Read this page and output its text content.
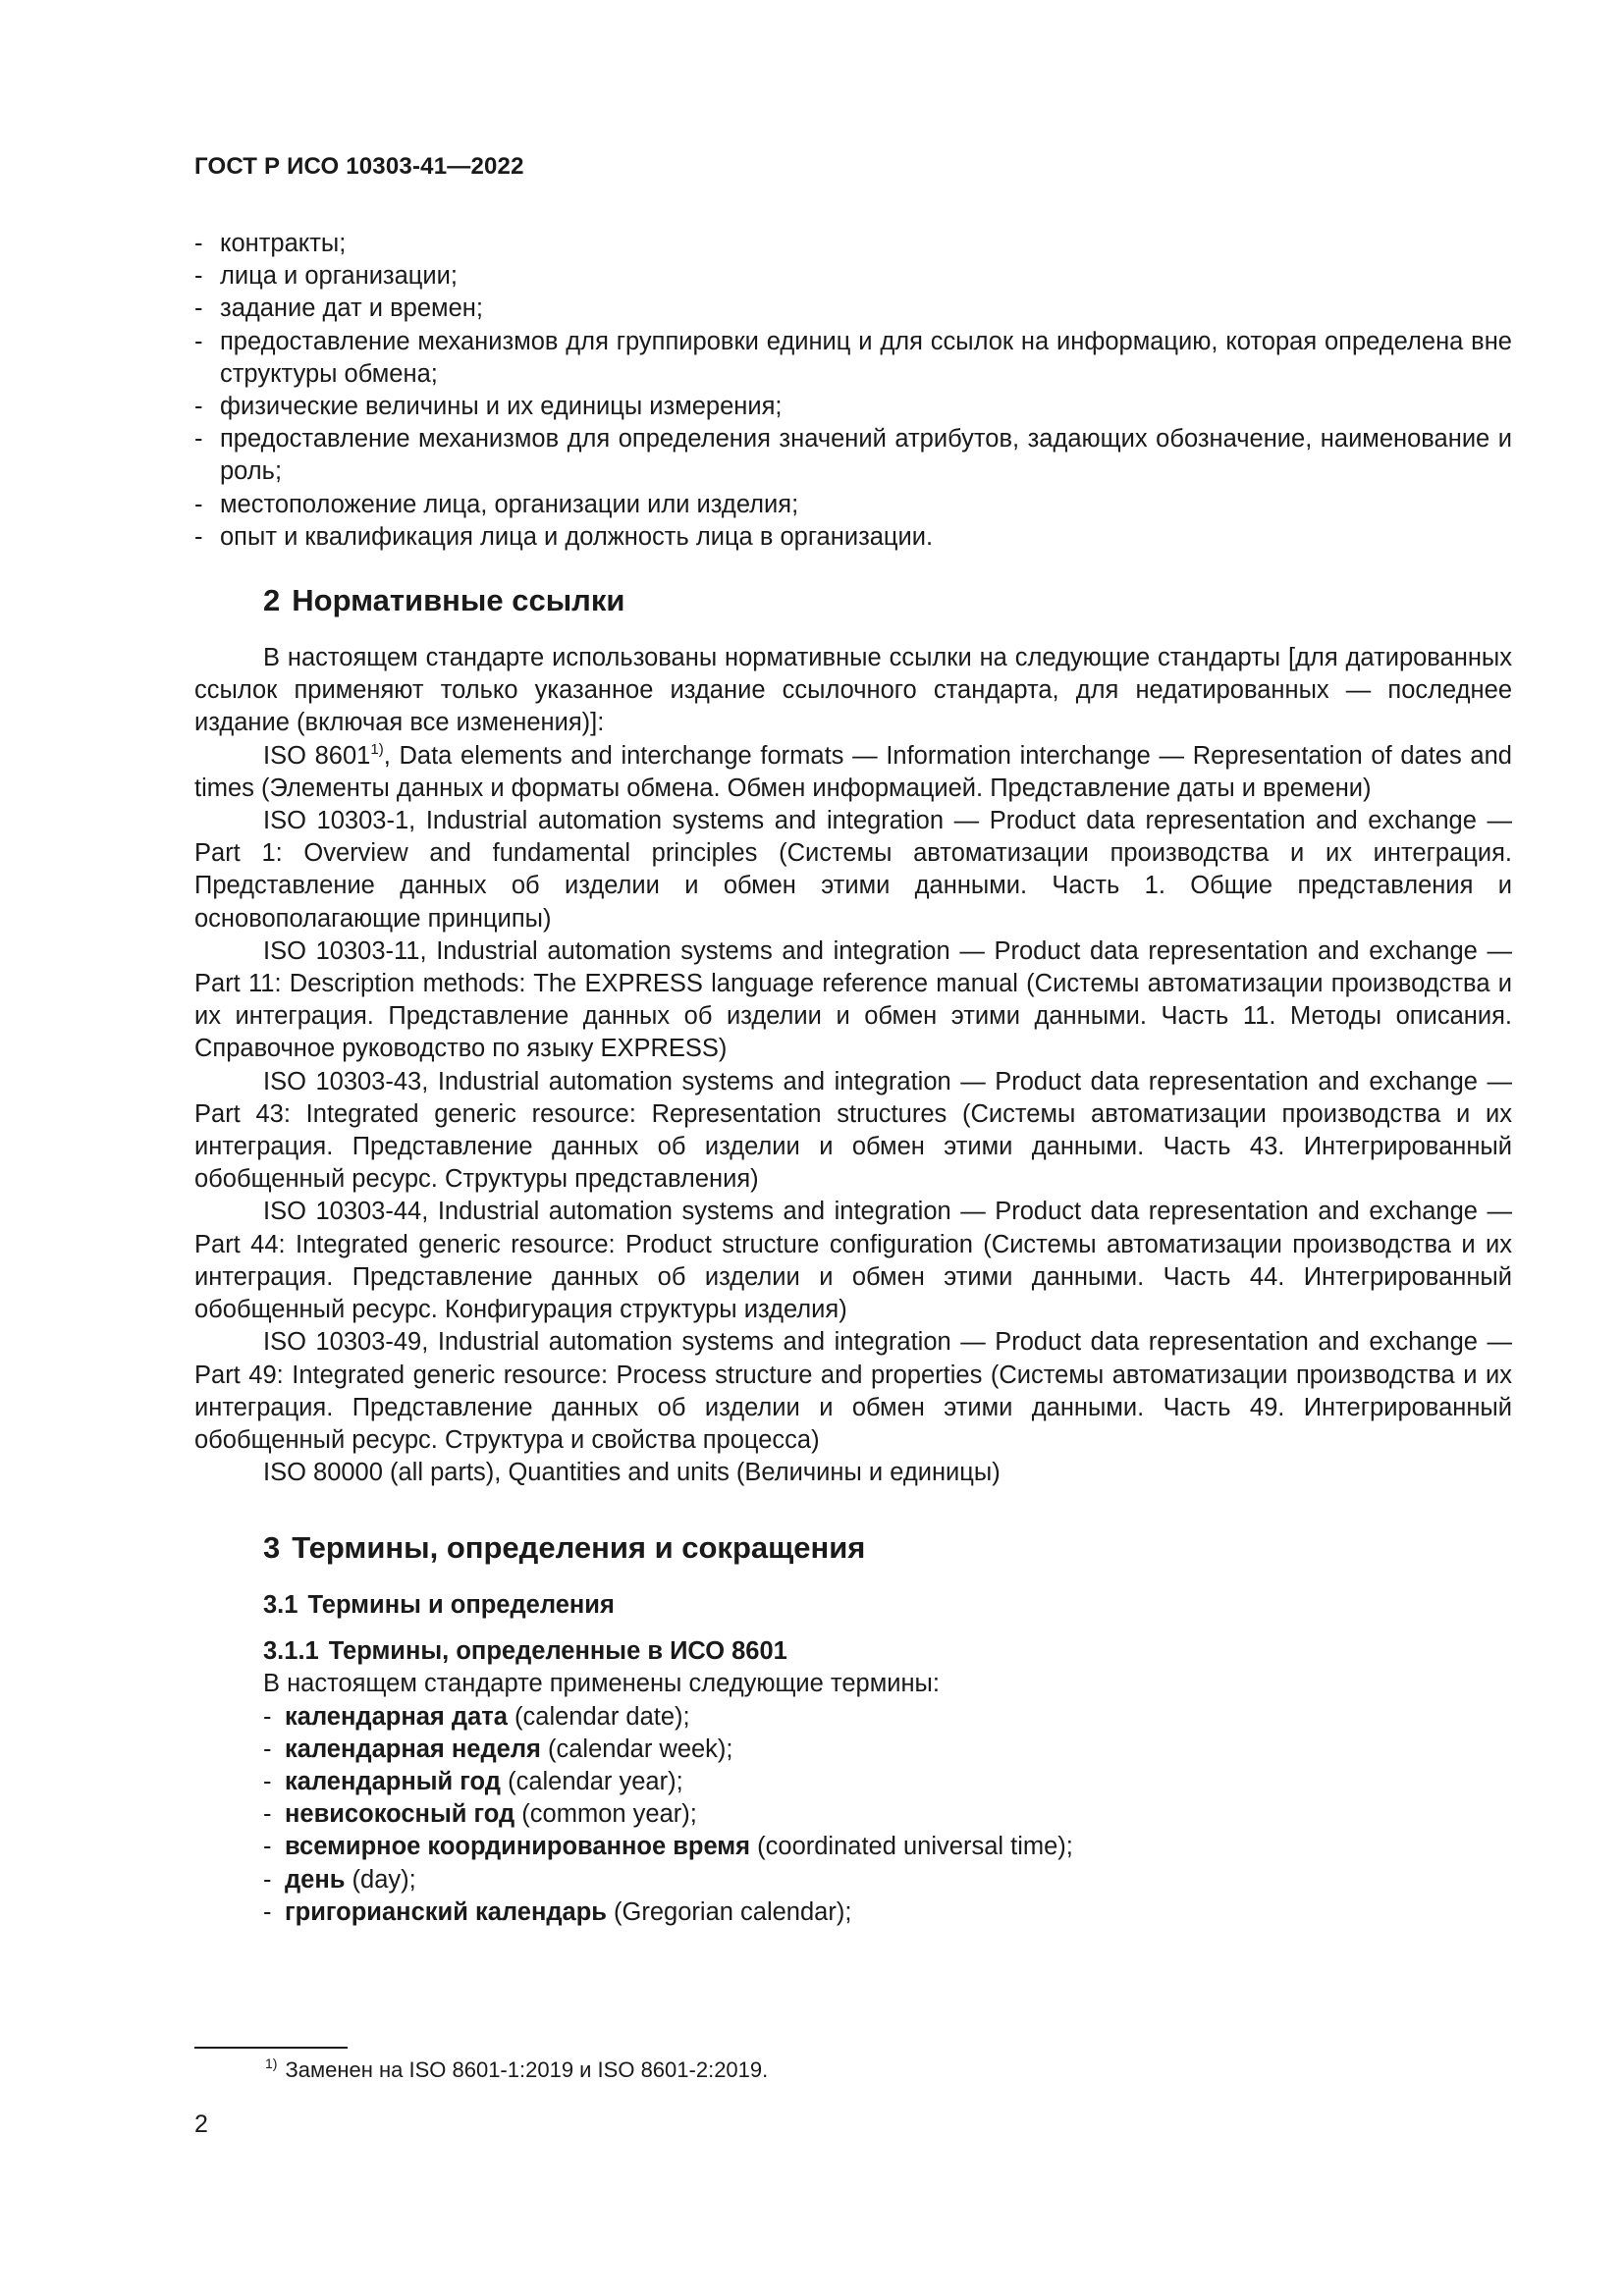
ГОСТ Р ИСО 10303-41—2022
- контракты;
- лица и организации;
- задание дат и времен;
- предоставление механизмов для группировки единиц и для ссылок на информацию, которая определена вне структуры обмена;
- физические величины и их единицы измерения;
- предоставление механизмов для определения значений атрибутов, задающих обозначение, наименование и роль;
- местоположение лица, организации или изделия;
- опыт и квалификация лица и должность лица в организации.
2 Нормативные ссылки

В настоящем стандарте использованы нормативные ссылки на следующие стандарты [для датированных ссылок применяют только указанное издание ссылочного стандарта, для недатированных — последнее издание (включая все изменения)]:

ISO 8601$^{1)}$, Data elements and interchange formats — Information interchange — Representation of dates and times (Элементы данных и форматы обмена. Обмен информацией. Представление даты и времени)

ISO 10303-1, Industrial automation systems and integration — Product data representation and exchange — Part 1: Overview and fundamental principles (Системы автоматизации производства и их интеграция. Представление данных об изделии и обмен этими данными. Часть 1. Общие представления и основополагающие принципы)

ISO 10303-11, Industrial automation systems and integration — Product data representation and exchange — Part 11: Description methods: The EXPRESS language reference manual (Системы автоматизации производства и их интеграция. Представление данных об изделии и обмен этими данными. Часть 11. Методы описания. Справочное руководство по языку EXPRESS)

ISO 10303-43, Industrial automation systems and integration — Product data representation and exchange — Part 43: Integrated generic resource: Representation structures (Системы автоматизации производства и их интеграция. Представление данных об изделии и обмен этими данными. Часть 43. Интегрированный обобщенный ресурс. Структуры представления)

ISO 10303-44, Industrial automation systems and integration — Product data representation and exchange — Part 44: Integrated generic resource: Product structure configuration (Системы автоматизации производства и их интеграция. Представление данных об изделии и обмен этими данными. Часть 44. Интегрированный обобщенный ресурс. Конфигурация структуры изделия)

ISO 10303-49, Industrial automation systems and integration — Product data representation and exchange — Part 49: Integrated generic resource: Process structure and properties (Системы автоматизации производства и их интеграция. Представление данных об изделии и обмен этими данными. Часть 49. Интегрированный обобщенный ресурс. Структура и свойства процесса)

ISO 80000 (all parts), Quantities and units (Величины и единицы)

3 Термины, определения и сокращения
3.1 Термины и определения
3.1.1 Термины, определенные в ИСО 8601

В настоящем стандарте применены следующие термины:

- календарная дата (calendar date);
- календарная неделя (calendar week);
- календарный год (calendar year);
- невисокосный год (common year);
- всемирное координированное время (coordinated universal time);
- день (day);
- григорианский календарь (Gregorian calendar);
$^{1)}$ Заменен на ISO 8601-1:2019 и ISO 8601-2:2019.
2
